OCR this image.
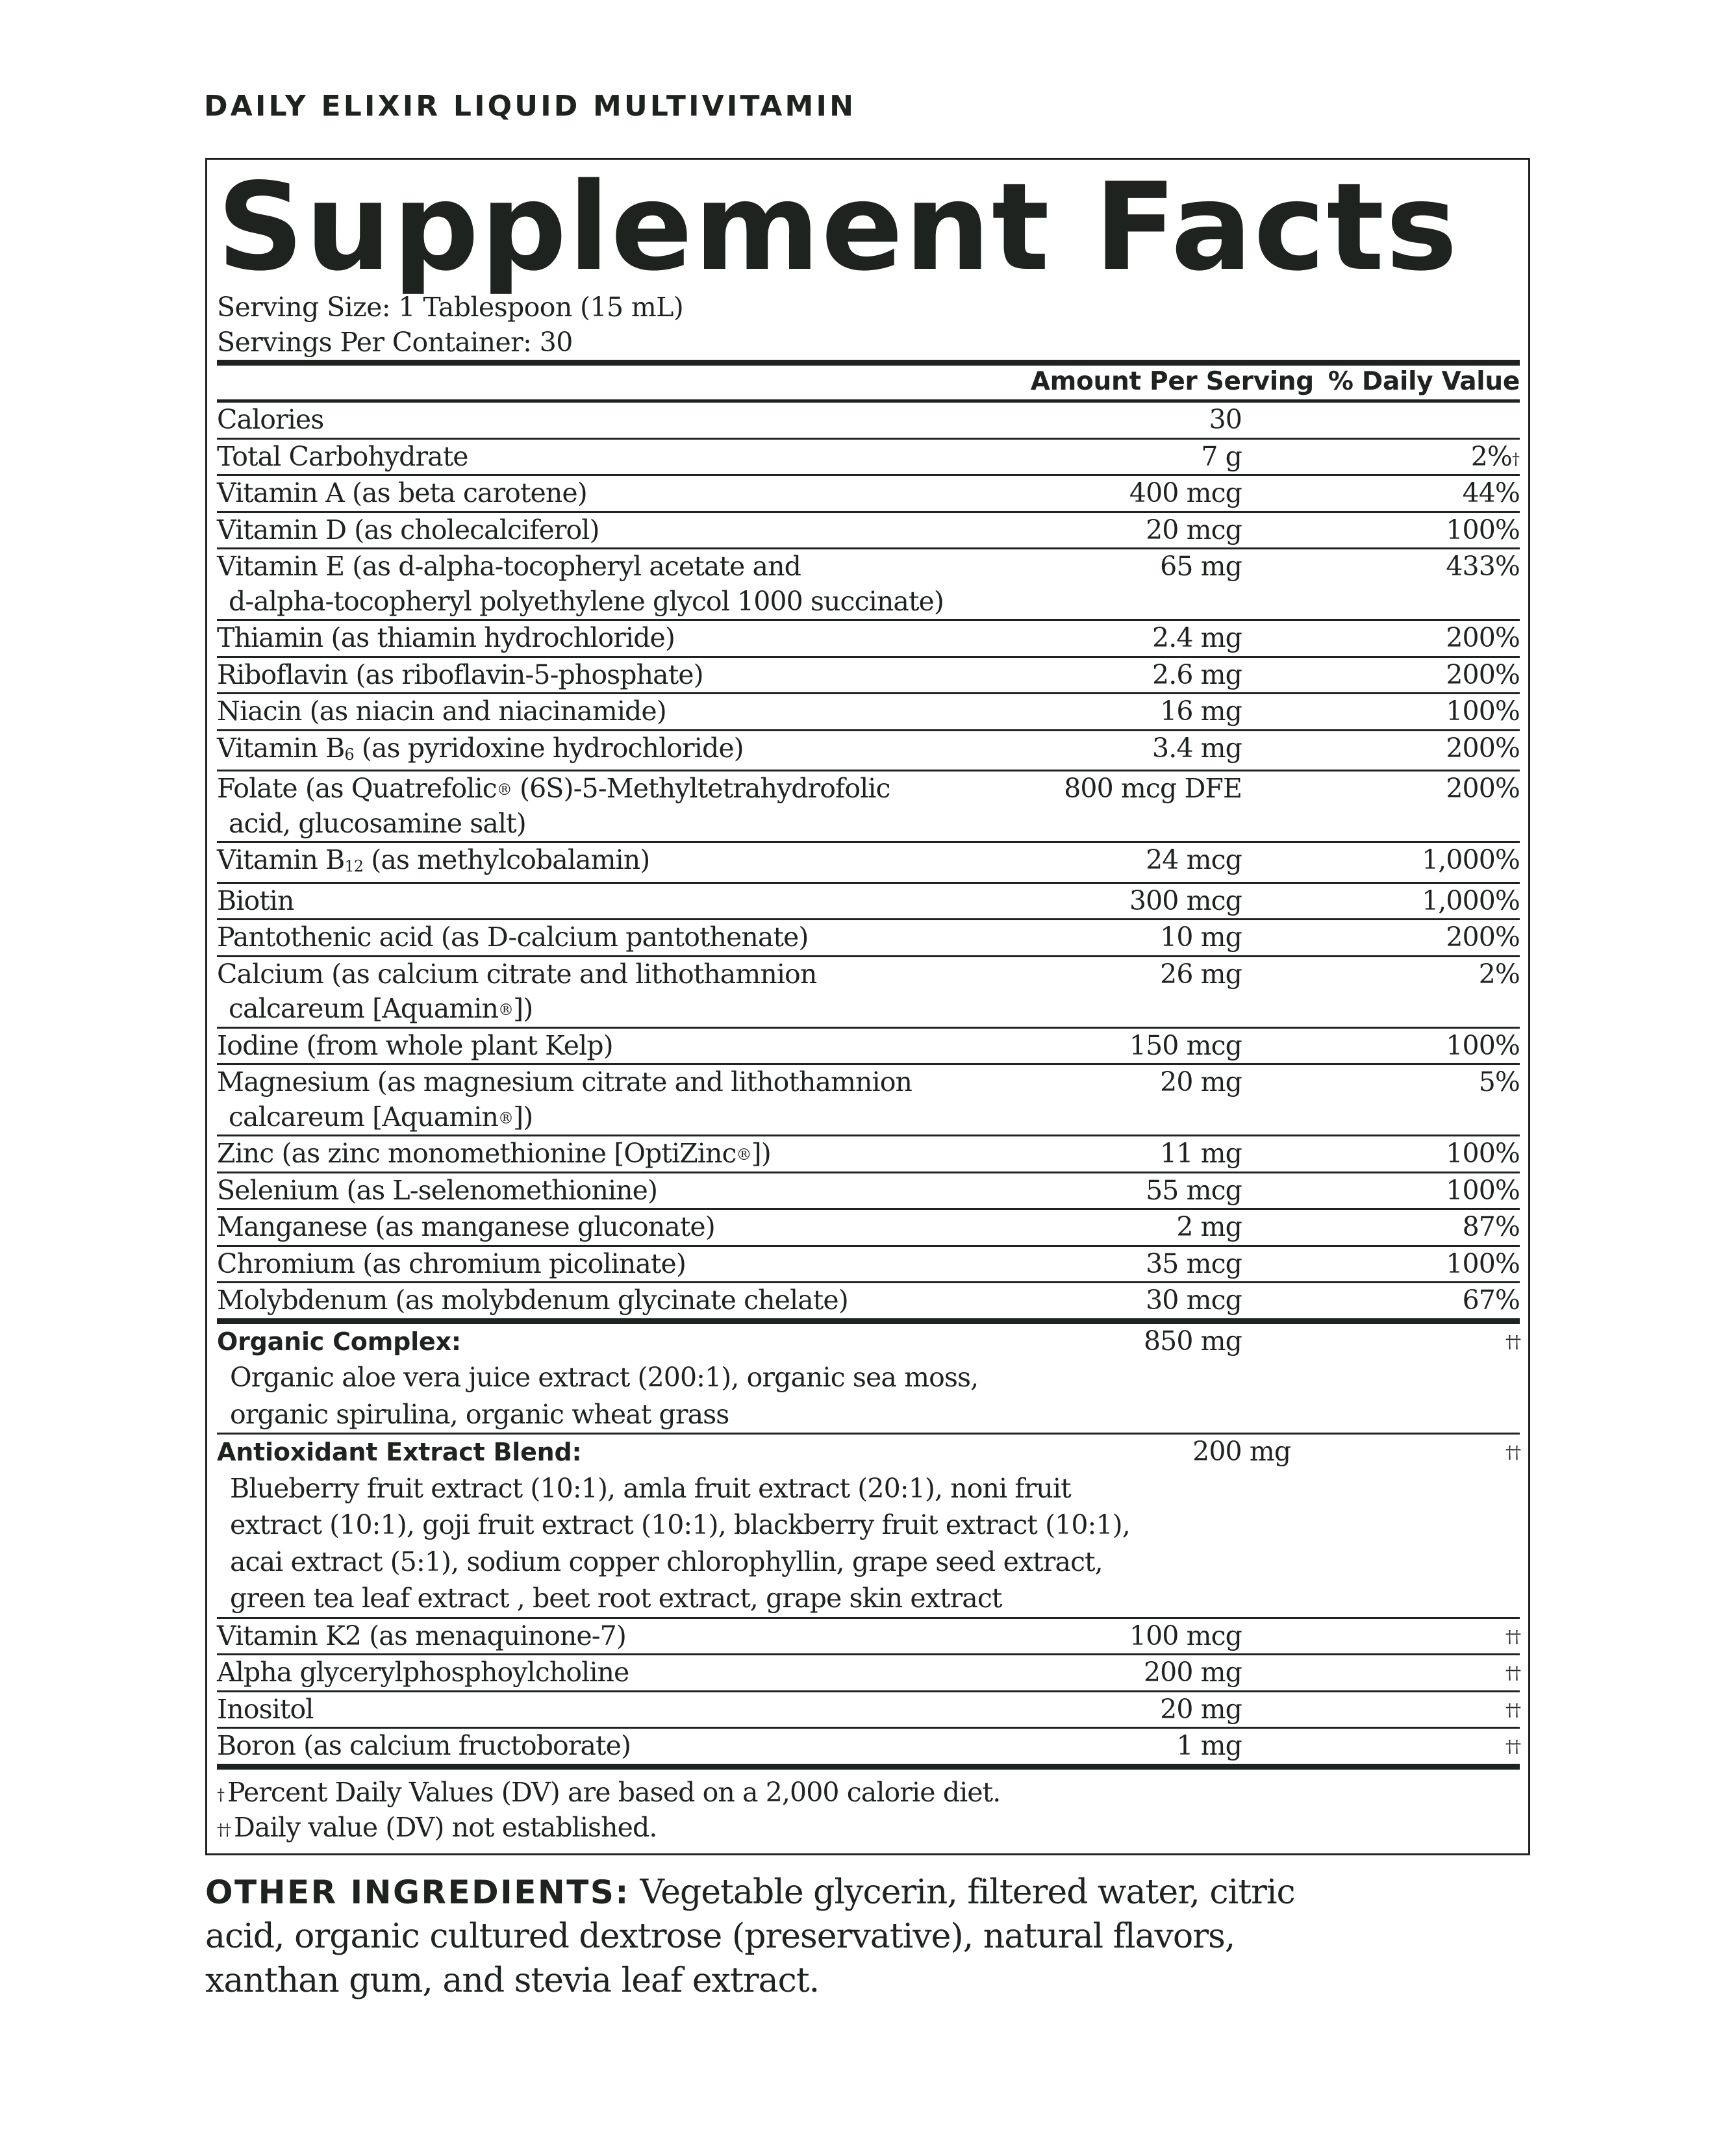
DAILY ELIXIR LIQUID MULTIVITAMIN
Supplement Facts
Serving Size: 1 Tablespoon (15 mL)
Servings Per Container: 30
Amount Per Serving % Daily Value
Calories	30
Total Carbohydrate	7 g	2%†
Vitamin A (as beta carotene)	400 mcg	44%
Vitamin D (as cholecalciferol)	20 mcg	100%
Vitamin E (as d-alpha-tocopheryl acetate and
d-alpha-tocopheryl polyethylene glycol 1000 succinate)
65 mg	433%
Thiamin (as thiamin hydrochloride)	2.4 mg	200%
Riboflavin (as riboflavin-5-phosphate)	2.6 mg	200%
Niacin (as niacin and niacinamide)	16 mg	100%
Vitamin B6 (as pyridoxine hydrochloride)	3.4 mg	200%
Folate (as Quatrefolic® (6S)-5-Methyltetrahydrofolic
acid, glucosamine salt)
800 mcg DFE	200%
Vitamin B12 (as methylcobalamin)	24 mcg	1,000%
Biotin	300 mcg	1,000%
Pantothenic acid (as D-calcium pantothenate)	10 mg	200%
Calcium (as calcium citrate and lithothamnion
calcareum [Aquamin®])
26 mg	2%
Iodine (from whole plant Kelp)	150 mcg	100%
Magnesium (as magnesium citrate and lithothamnion
calcareum [Aquamin®])
20 mg	5%
Zinc (as zinc monomethionine [OptiZinc®])	11 mg	100%
Selenium (as L-selenomethionine)	55 mcg	100%
Manganese (as manganese gluconate)	2 mg	87%
Chromium (as chromium picolinate)	35 mcg	100%
Molybdenum (as molybdenum glycinate chelate)	30 mcg	67%
Organic Complex:
Organic aloe vera juice extract (200:1), organic sea moss,
organic spirulina, organic wheat grass
850 mg	††
Antioxidant Extract Blend:
Blueberry fruit extract (10:1), amla fruit extract (20:1), noni fruit
extract (10:1), goji fruit extract (10:1), blackberry fruit extract (10:1),
acai extract (5:1), sodium copper chlorophyllin, grape seed extract,
green tea leaf extract , beet root extract, grape skin extract
200 mg	††
Vitamin K2 (as menaquinone-7)	100 mcg	††
Alpha glycerylphosphoylcholine	200 mg	††
Inositol	20 mg	††
Boron (as calcium fructoborate)	1 mg	††
† Percent Daily Values (DV) are based on a 2,000 calorie diet.
†† Daily value (DV) not established.
OTHER INGREDIENTS: Vegetable glycerin, filtered water, citric
acid, organic cultured dextrose (preservative), natural flavors,
xanthan gum, and stevia leaf extract.
